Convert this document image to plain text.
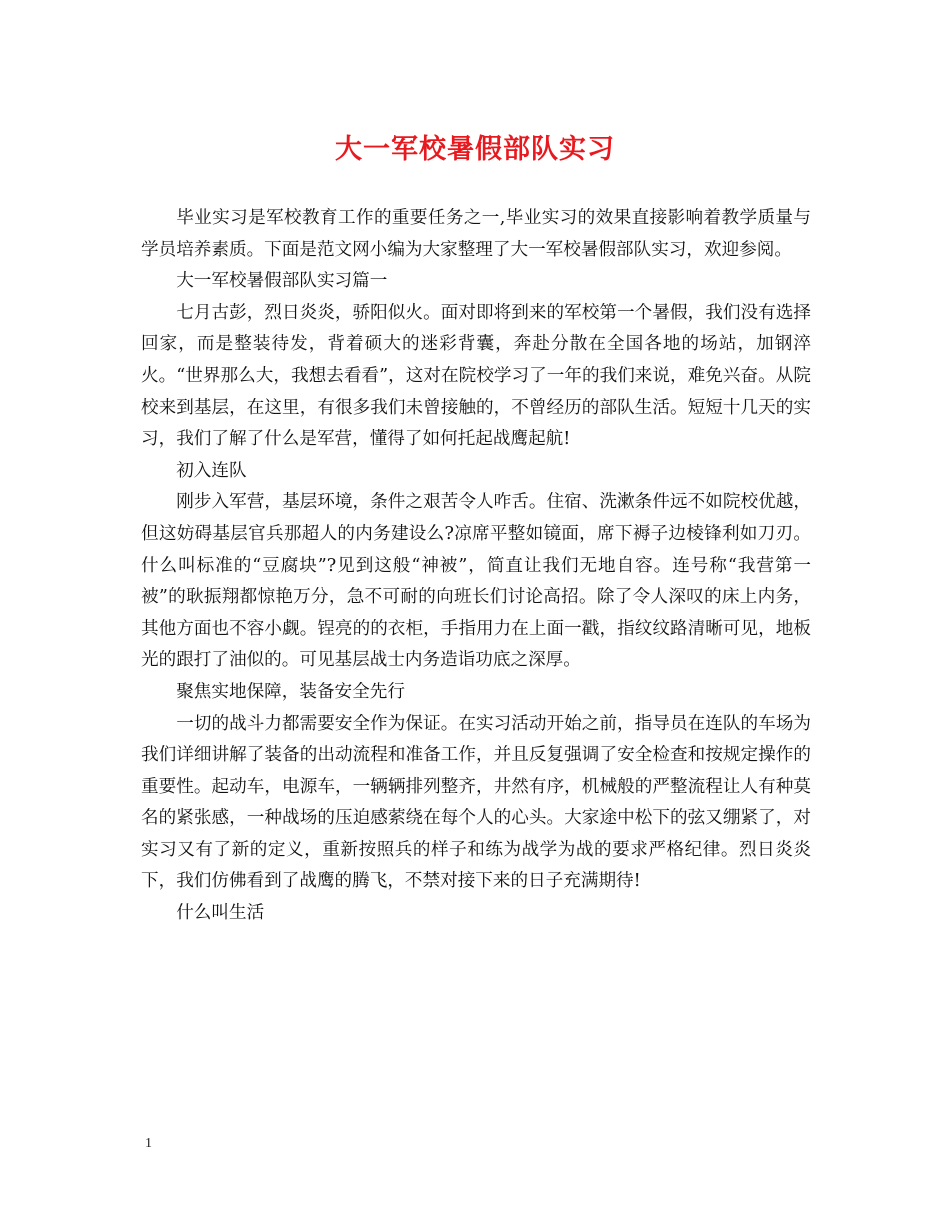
大一军校暑假部队实习

毕业实习是军校教育工作的重要任务之一,毕业实习的效果直接影响着教学质量与学员培养素质。下面是范文网小编为大家整理了大一军校暑假部队实习，欢迎参阅。

大一军校暑假部队实习篇一

七月古彭，烈日炎炎，骄阳似火。面对即将到来的军校第一个暑假，我们没有选择回家，而是整装待发，背着硕大的迷彩背囊，奔赴分散在全国各地的场站，加钢淬火。“世界那么大，我想去看看”，这对在院校学习了一年的我们来说，难免兴奋。从院校来到基层，在这里，有很多我们未曾接触的，不曾经历的部队生活。短短十几天的实习，我们了解了什么是军营，懂得了如何托起战鹰起航!

初入连队

刚步入军营，基层环境，条件之艰苦令人咋舌。住宿、洗漱条件远不如院校优越，但这妨碍基层官兵那超人的内务建设么?凉席平整如镜面，席下褥子边棱锋利如刀刃。什么叫标准的“豆腐块”?见到这般“神被”，简直让我们无地自容。连号称“我营第一被”的耿振翔都惊艳万分，急不可耐的向班长们讨论高招。除了令人深叹的床上内务，其他方面也不容小觑。锃亮的的衣柜，手指用力在上面一戳，指纹纹路清晰可见，地板光的跟打了油似的。可见基层战士内务造诣功底之深厚。

聚焦实地保障，装备安全先行

一切的战斗力都需要安全作为保证。在实习活动开始之前，指导员在连队的车场为我们详细讲解了装备的出动流程和准备工作，并且反复强调了安全检查和按规定操作的重要性。起动车，电源车，一辆辆排列整齐，井然有序，机械般的严整流程让人有种莫名的紧张感，一种战场的压迫感萦绕在每个人的心头。大家途中松下的弦又绷紧了，对实习又有了新的定义，重新按照兵的样子和练为战学为战的要求严格纪律。烈日炎炎下，我们仿佛看到了战鹰的腾飞，不禁对接下来的日子充满期待!

什么叫生活

1
